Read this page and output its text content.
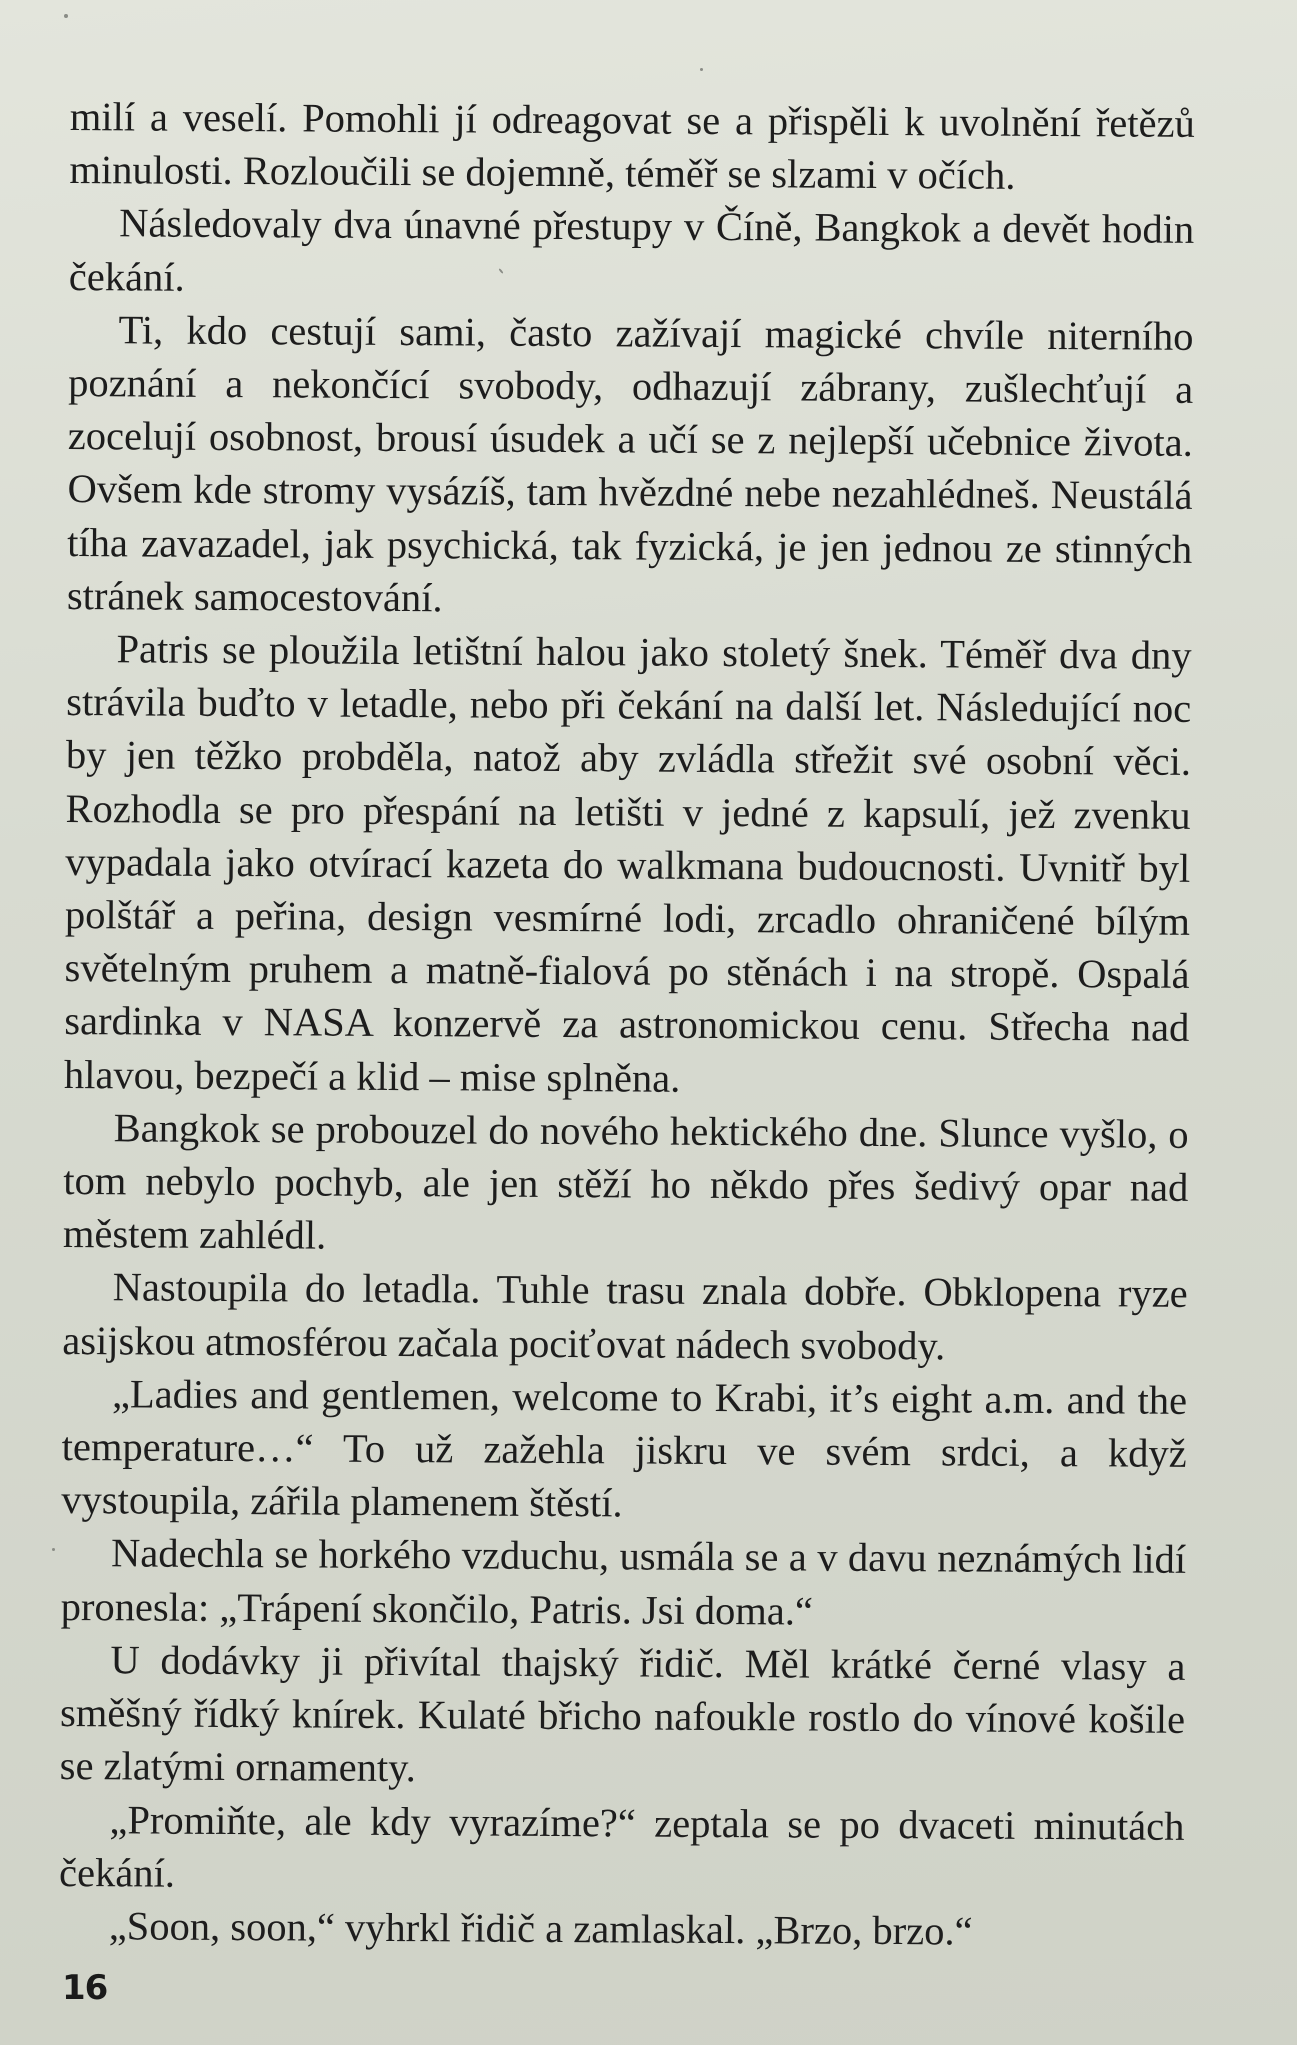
milí a veselí. Pomohli jí odreagovat se a přispěli k uvolnění řetězů minulosti. Rozloučili se dojemně, téměř se slzami v očích.

Následovaly dva únavné přestupy v Číně, Bangkok a devět hodin čekání.

Ti, kdo cestují sami, často zažívají magické chvíle niterního poznání a nekončící svobody, odhazují zábrany, zušlechťují a zocelují osobnost, brousí úsudek a učí se z nejlepší učebnice života. Ovšem kde stromy vysázíš, tam hvězdné nebe nezahlédneš. Neustálá tíha zavazadel, jak psychická, tak fyzická, je jen jednou ze stinných stránek samocestování.

Patris se ploužila letištní halou jako stoletý šnek. Téměř dva dny strávila buďto v letadle, nebo při čekání na další let. Následující noc by jen těžko probděla, natož aby zvládla střežit své osobní věci. Rozhodla se pro přespání na letišti v jedné z kapsulí, jež zvenku vypadala jako otvírací kazeta do walkmana budoucnosti. Uvnitř byl polštář a peřina, design vesmírné lodi, zrcadlo ohraničené bílým světelným pruhem a matně-fialová po stěnách i na stropě. Ospalá sardinka v NASA konzervě za astronomickou cenu. Střecha nad hlavou, bezpečí a klid – mise splněna.

Bangkok se probouzel do nového hektického dne. Slunce vyšlo, o tom nebylo pochyb, ale jen stěží ho někdo přes šedivý opar nad městem zahlédl.

Nastoupila do letadla. Tuhle trasu znala dobře. Obklopena ryze asijskou atmosférou začala pociťovat nádech svobody.

„Ladies and gentlemen, welcome to Krabi, it’s eight a.m. and the temperature…“ To už zažehla jiskru ve svém srdci, a když vystoupila, zářila plamenem štěstí.

Nadechla se horkého vzduchu, usmála se a v davu neznámých lidí pronesla: „Trápení skončilo, Patris. Jsi doma.“

U dodávky ji přivítal thajský řidič. Měl krátké černé vlasy a směšný řídký knírek. Kulaté břicho nafoukle rostlo do vínové košile se zlatými ornamenty.

„Promiňte, ale kdy vyrazíme?“ zeptala se po dvaceti minutách čekání.

„Soon, soon,“ vyhrkl řidič a zamlaskal. „Brzo, brzo.“

16
